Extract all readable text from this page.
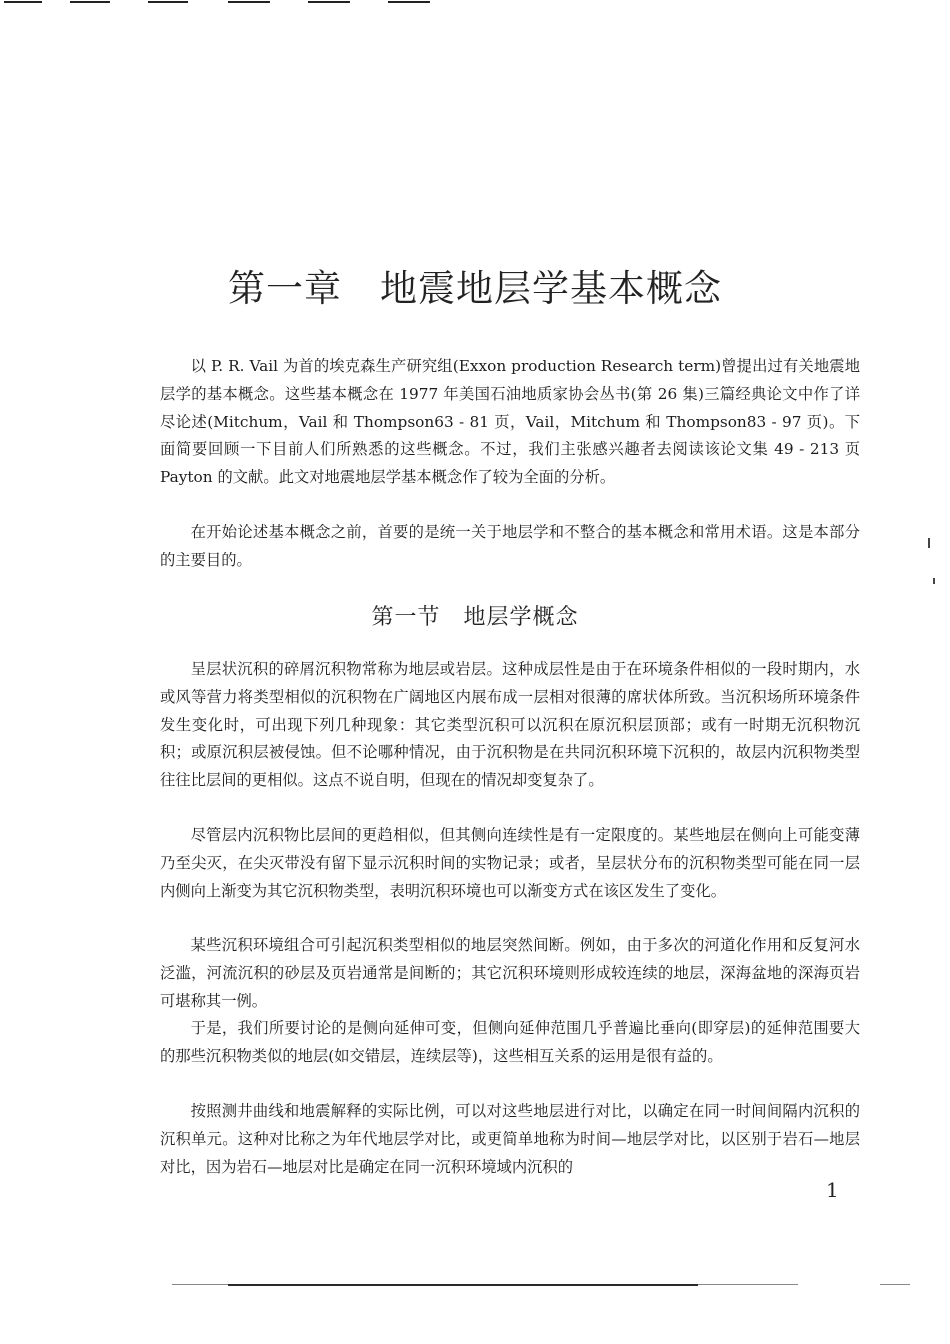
第一章　地震地层学基本概念

以 P. R. Vail 为首的埃克森生产研究组(Exxon production Research term)曾提出过有关地震地层学的基本概念。这些基本概念在 1977 年美国石油地质家协会丛书(第 26 集)三篇经典论文中作了详尽论述(Mitchum，Vail 和 Thompson63 - 81 页，Vail，Mitchum 和 Thompson83 - 97 页)。下面简要回顾一下目前人们所熟悉的这些概念。不过，我们主张感兴趣者去阅读该论文集 49 - 213 页 Payton 的文献。此文对地震地层学基本概念作了较为全面的分析。

在开始论述基本概念之前，首要的是统一关于地层学和不整合的基本概念和常用术语。这是本部分的主要目的。

第一节　地层学概念

呈层状沉积的碎屑沉积物常称为地层或岩层。这种成层性是由于在环境条件相似的一段时期内，水或风等营力将类型相似的沉积物在广阔地区内展布成一层相对很薄的席状体所致。当沉积场所环境条件发生变化时，可出现下列几种现象：其它类型沉积可以沉积在原沉积层顶部；或有一时期无沉积物沉积；或原沉积层被侵蚀。但不论哪种情况，由于沉积物是在共同沉积环境下沉积的，故层内沉积物类型往往比层间的更相似。这点不说自明，但现在的情况却变复杂了。

尽管层内沉积物比层间的更趋相似，但其侧向连续性是有一定限度的。某些地层在侧向上可能变薄乃至尖灭，在尖灭带没有留下显示沉积时间的实物记录；或者，呈层状分布的沉积物类型可能在同一层内侧向上渐变为其它沉积物类型，表明沉积环境也可以渐变方式在该区发生了变化。

某些沉积环境组合可引起沉积类型相似的地层突然间断。例如，由于多次的河道化作用和反复河水泛滥，河流沉积的砂层及页岩通常是间断的；其它沉积环境则形成较连续的地层，深海盆地的深海页岩可堪称其一例。

于是，我们所要讨论的是侧向延伸可变，但侧向延伸范围几乎普遍比垂向(即穿层)的延伸范围要大的那些沉积物类似的地层(如交错层，连续层等)，这些相互关系的运用是很有益的。

按照测井曲线和地震解释的实际比例，可以对这些地层进行对比，以确定在同一时间间隔内沉积的沉积单元。这种对比称之为年代地层学对比，或更简单地称为时间—地层学对比，以区别于岩石—地层对比，因为岩石—地层对比是确定在同一沉积环境域内沉积的

1
